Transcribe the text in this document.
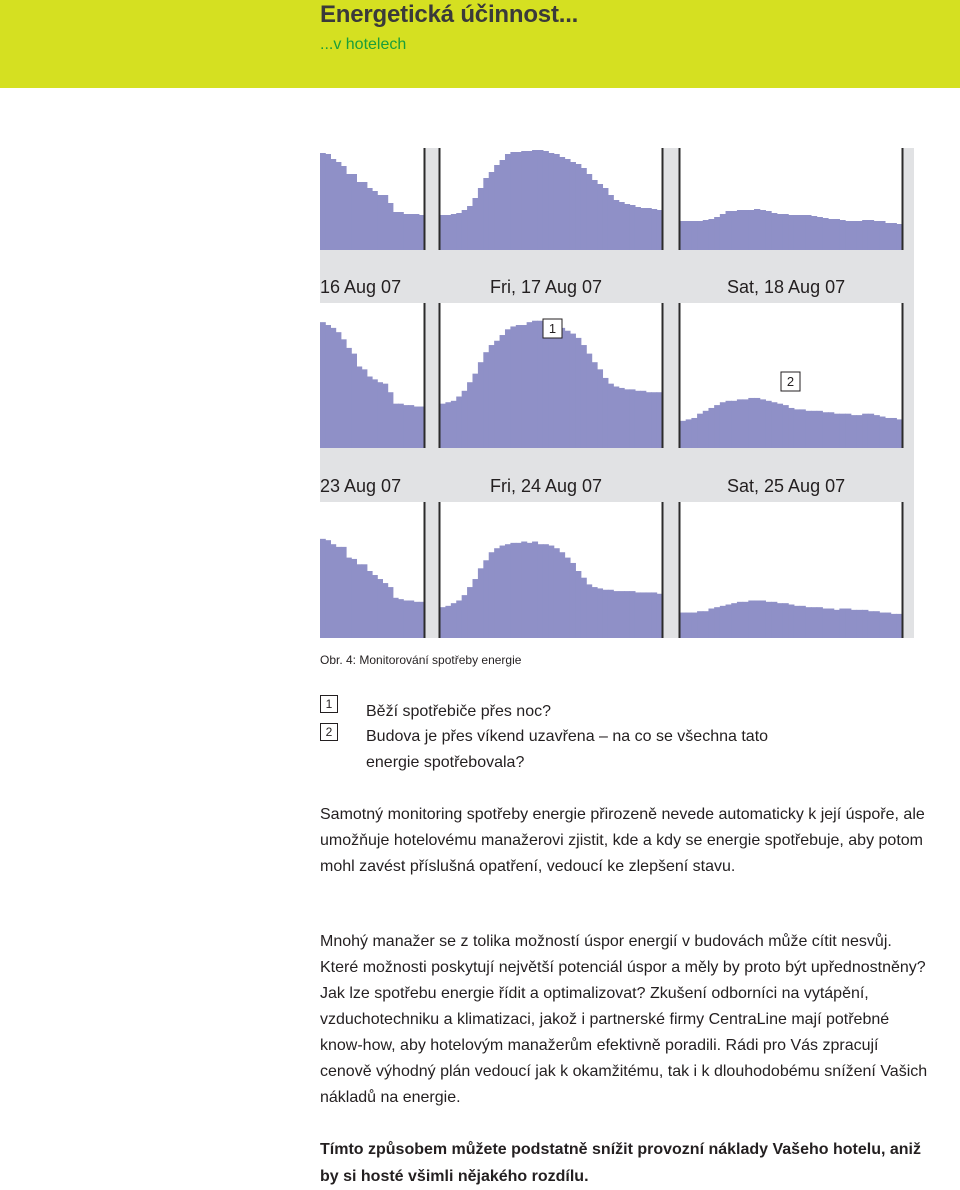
Energetická účinnost...
...v hotelech
16 Aug 07	Fri, 17 Aug 07	Sat, 18 Aug 07
23 Aug 07	Fri, 24 Aug 07	Sat, 25 Aug 07
1
2
Obr. 4: Monitorování spotřeby energie
1	Běží spotřebiče přes noc?
2	Budova je přes víkend uzavřena – na co se všechna tato
energie spotřebovala?

Samotný monitoring spotřeby energie přirozeně nevede automaticky k její úspoře, ale umožňuje hotelovému manažerovi zjistit, kde a kdy se energie spotřebuje, aby potom mohl zavést příslušná opatření, vedoucí ke zlepšení stavu.

Mnohý manažer se z tolika možností úspor energií v budovách může cítit nesvůj. Které možnosti poskytují největší potenciál úspor a měly by proto být upřednostněny? Jak lze spotřebu energie řídit a optimalizovat? Zkušení odborníci na vytápění, vzduchotechniku a klimatizaci, jakož i partnerské firmy CentraLine mají potřebné know-how, aby hotelovým manažerům efektivně poradili. Rádi pro Vás zpracují cenově výhodný plán vedoucí jak k okamžitému, tak i k dlouhodobému snížení Vašich nákladů na energie.

Tímto způsobem můžete podstatně snížit provozní náklady Vašeho hotelu, aniž by si hosté všimli nějakého rozdílu.
